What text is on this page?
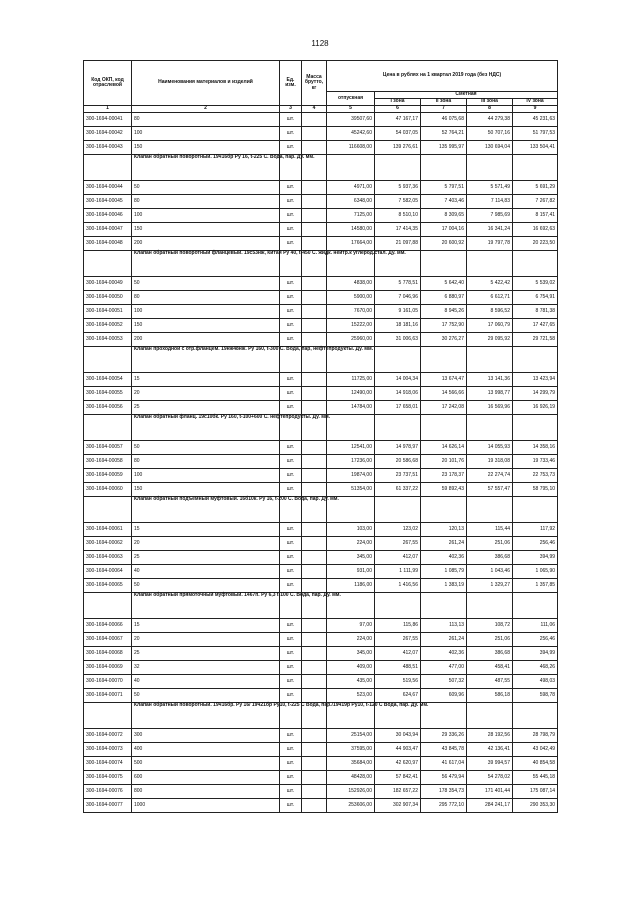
1128
Код ОКП, код отраслевой	Наименования материалов и изделий	Ед. изм.	Масса брутто, кг	Цена в рублях на 1 квартал 2019 года (без НДС)				
				отпускная	Сметная			
					I зона	II зона	III зона	IV зона
1	2	3	4	5	6	7	8	9
300-1694-00041	80	шт.		39507,60	47 167,17	46 075,68	44 279,38	45 231,63
300-1694-00042	100	шт.		45242,60	54 037,05	52 764,21	50 707,16	51 797,53
300-1694-00043	150	шт.		116608,00	139 276,61	135 995,97	130 694,04	133 504,41
	Клапан обратный поворотный. 19ч16бр Ру 16, t-225 С. Вода, пар. Ду. мм.							
300-1694-00044	50	шт.		4971,00	5 937,36	5 797,51	5 571,49	5 691,29
300-1694-00045	80	шт.		6348,00	7 582,05	7 403,46	7 114,83	7 267,82
300-1694-00046	100	шт.		7125,00	8 510,10	8 309,65	7 985,69	8 157,41
300-1694-00047	150	шт.		14580,00	17 414,35	17 004,16	16 341,24	16 692,63
300-1694-00048	200	шт.		17664,00	21 097,88	20 600,92	19 797,78	20 223,50
	Клапан обратный поворотный фланцевый. 19с53нж, Китай Ру 40, t-450 С. жидк. нейтр.к углерод.стал. Ду. мм.							
300-1694-00049	50	шт.		4838,00	5 778,51	5 642,40	5 422,42	5 539,02
300-1694-00050	80	шт.		5900,00	7 046,96	6 880,97	6 612,71	6 754,91
300-1694-00051	100	шт.		7670,00	9 161,05	8 945,26	8 596,52	8 781,38
300-1694-00052	150	шт.		15222,00	18 181,16	17 752,90	17 060,79	17 427,65
300-1694-00053	200	шт.		25960,00	31 006,63	30 276,27	29 095,92	29 721,58
	Клапан проходной с отр.фланцем. 19нж48нж. Ру 160, t-300 С. Вода, пар, нефтепродукты. Ду. мм.							
300-1694-00054	15	шт.		11725,00	14 004,34	13 674,47	13 141,36	13 423,94
300-1694-00055	20	шт.		12490,00	14 918,06	14 566,66	13 998,77	14 299,79
300-1694-00056	25	шт.		14784,00	17 658,01	17 242,08	16 569,96	16 926,19
	Клапан обратный фланц. 19с10бк. Ру 160, t-100+600 С. нефтепродукты. Ду. мм.							
300-1694-00057	50	шт.		12541,00	14 978,97	14 626,14	14 055,93	14 358,16
300-1694-00058	80	шт.		17236,00	20 586,68	20 101,76	19 318,08	19 733,46
300-1694-00059	100	шт.		19874,00	23 737,51	23 178,37	22 274,74	22 753,73
300-1694-00060	150	шт.		51354,00	61 337,22	59 892,43	57 557,47	58 795,10
	Клапан обратный подъемный муфтовый. 16б10к. Ру 16, t-200 С. Вода, пар. Ду. мм.							
300-1694-00061	15	шт.		103,00	123,02	120,13	115,44	117,92
300-1694-00062	20	шт.		224,00	267,55	261,24	251,06	256,46
300-1694-00063	25	шт.		345,00	412,07	402,36	386,68	394,99
300-1694-00064	40	шт.		931,00	1 111,99	1 085,79	1 043,46	1 065,90
300-1694-00065	50	шт.		1186,00	1 416,56	1 383,19	1 329,27	1 357,85
	Клапан обратный прямоточный муфтовый. 1467п. Ру 6,3 t-100 С. Вода, пар. Ду. мм.							
300-1694-00066	15	шт.		97,00	115,86	113,13	108,72	111,06
300-1694-00067	20	шт.		224,00	267,55	261,24	251,06	256,46
300-1694-00068	25	шт.		345,00	412,07	402,36	386,68	394,99
300-1694-00069	32	шт.		409,00	488,51	477,00	458,41	468,26
300-1694-00070	40	шт.		435,00	519,56	507,32	487,55	498,03
300-1694-00071	50	шт.		523,00	624,67	609,96	586,18	598,78
	Клапан обратный поворотный. 19ч16бр. Ру 16/ 19ч21бр Ру10, t-225 С Вода, пар./19ч19р Ру10, t-120 С Вода, пар. Ду. мм.							
300-1694-00072	300	шт.		25154,00	30 043,94	29 336,26	28 192,56	28 798,79
300-1694-00073	400	шт.		37595,00	44 903,47	43 845,78	42 136,41	43 042,49
300-1694-00074	500	шт.		35684,00	42 620,97	41 617,04	39 994,57	40 854,58
300-1694-00075	600	шт.		48428,00	57 842,41	56 479,94	54 278,02	55 445,18
300-1694-00076	800	шт.		152926,00	182 657,22	178 354,73	171 401,44	175 087,14
300-1694-00077	1000	шт.		253606,00	302 907,34	295 772,10	284 241,17	290 353,30
